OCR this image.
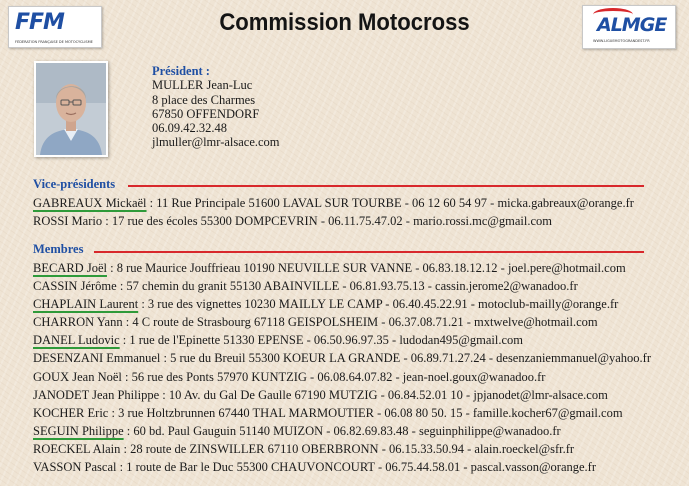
FFM
FÉDÉRATION FRANÇAISE DE MOTOCYCLISME
Commission Motocross	ALMGE
WWW.LIGUEMOTOGRANDEST.FR
Président :
MULLER Jean-Luc
8 place des Charmes
67850 OFFENDORF
06.09.42.32.48
jlmuller@lmr-alsace.com
Vice-présidents
GABREAUX Mickaël : 11 Rue Principale 51600 LAVAL SUR TOURBE - 06 12 60 54 97 - micka.gabreaux@orange.fr
ROSSI Mario : 17 rue des écoles 55300 DOMPCEVRIN - 06.11.75.47.02 - mario.rossi.mc@gmail.com
Membres
BECARD Joël : 8 rue Maurice Jouffrieau 10190 NEUVILLE SUR VANNE - 06.83.18.12.12 - joel.pere@hotmail.com
CASSIN Jérôme : 57 chemin du granit 55130 ABAINVILLE - 06.81.93.75.13 - cassin.jerome2@wanadoo.fr
CHAPLAIN Laurent : 3 rue des vignettes 10230 MAILLY LE CAMP - 06.40.45.22.91 - motoclub-mailly@orange.fr
CHARRON Yann : 4 C route de Strasbourg 67118 GEISPOLSHEIM - 06.37.08.71.21 - mxtwelve@hotmail.com
DANEL Ludovic : 1 rue de l'Epinette 51330 EPENSE - 06.50.96.97.35 - ludodan495@gmail.com
DESENZANI Emmanuel : 5 rue du Breuil 55300 KOEUR LA GRANDE - 06.89.71.27.24 - desenzaniemmanuel@yahoo.fr
GOUX Jean Noël : 56 rue des Ponts 57970 KUNTZIG - 06.08.64.07.82 - jean-noel.goux@wanadoo.fr
JANODET Jean Philippe : 10 Av. du Gal De Gaulle 67190 MUTZIG - 06.84.52.01 10 - jpjanodet@lmr-alsace.com
KOCHER Eric : 3 rue Holtzbrunnen 67440 THAL MARMOUTIER - 06.08 80 50. 15 - famille.kocher67@gmail.com
SEGUIN Philippe : 60 bd. Paul Gauguin 51140 MUIZON - 06.82.69.83.48 - seguinphilippe@wanadoo.fr
ROECKEL Alain : 28 route de ZINSWILLER 67110 OBERBRONN - 06.15.33.50.94 - alain.roeckel@sfr.fr
VASSON Pascal : 1 route de Bar le Duc 55300 CHAUVONCOURT - 06.75.44.58.01 - pascal.vasson@orange.fr
